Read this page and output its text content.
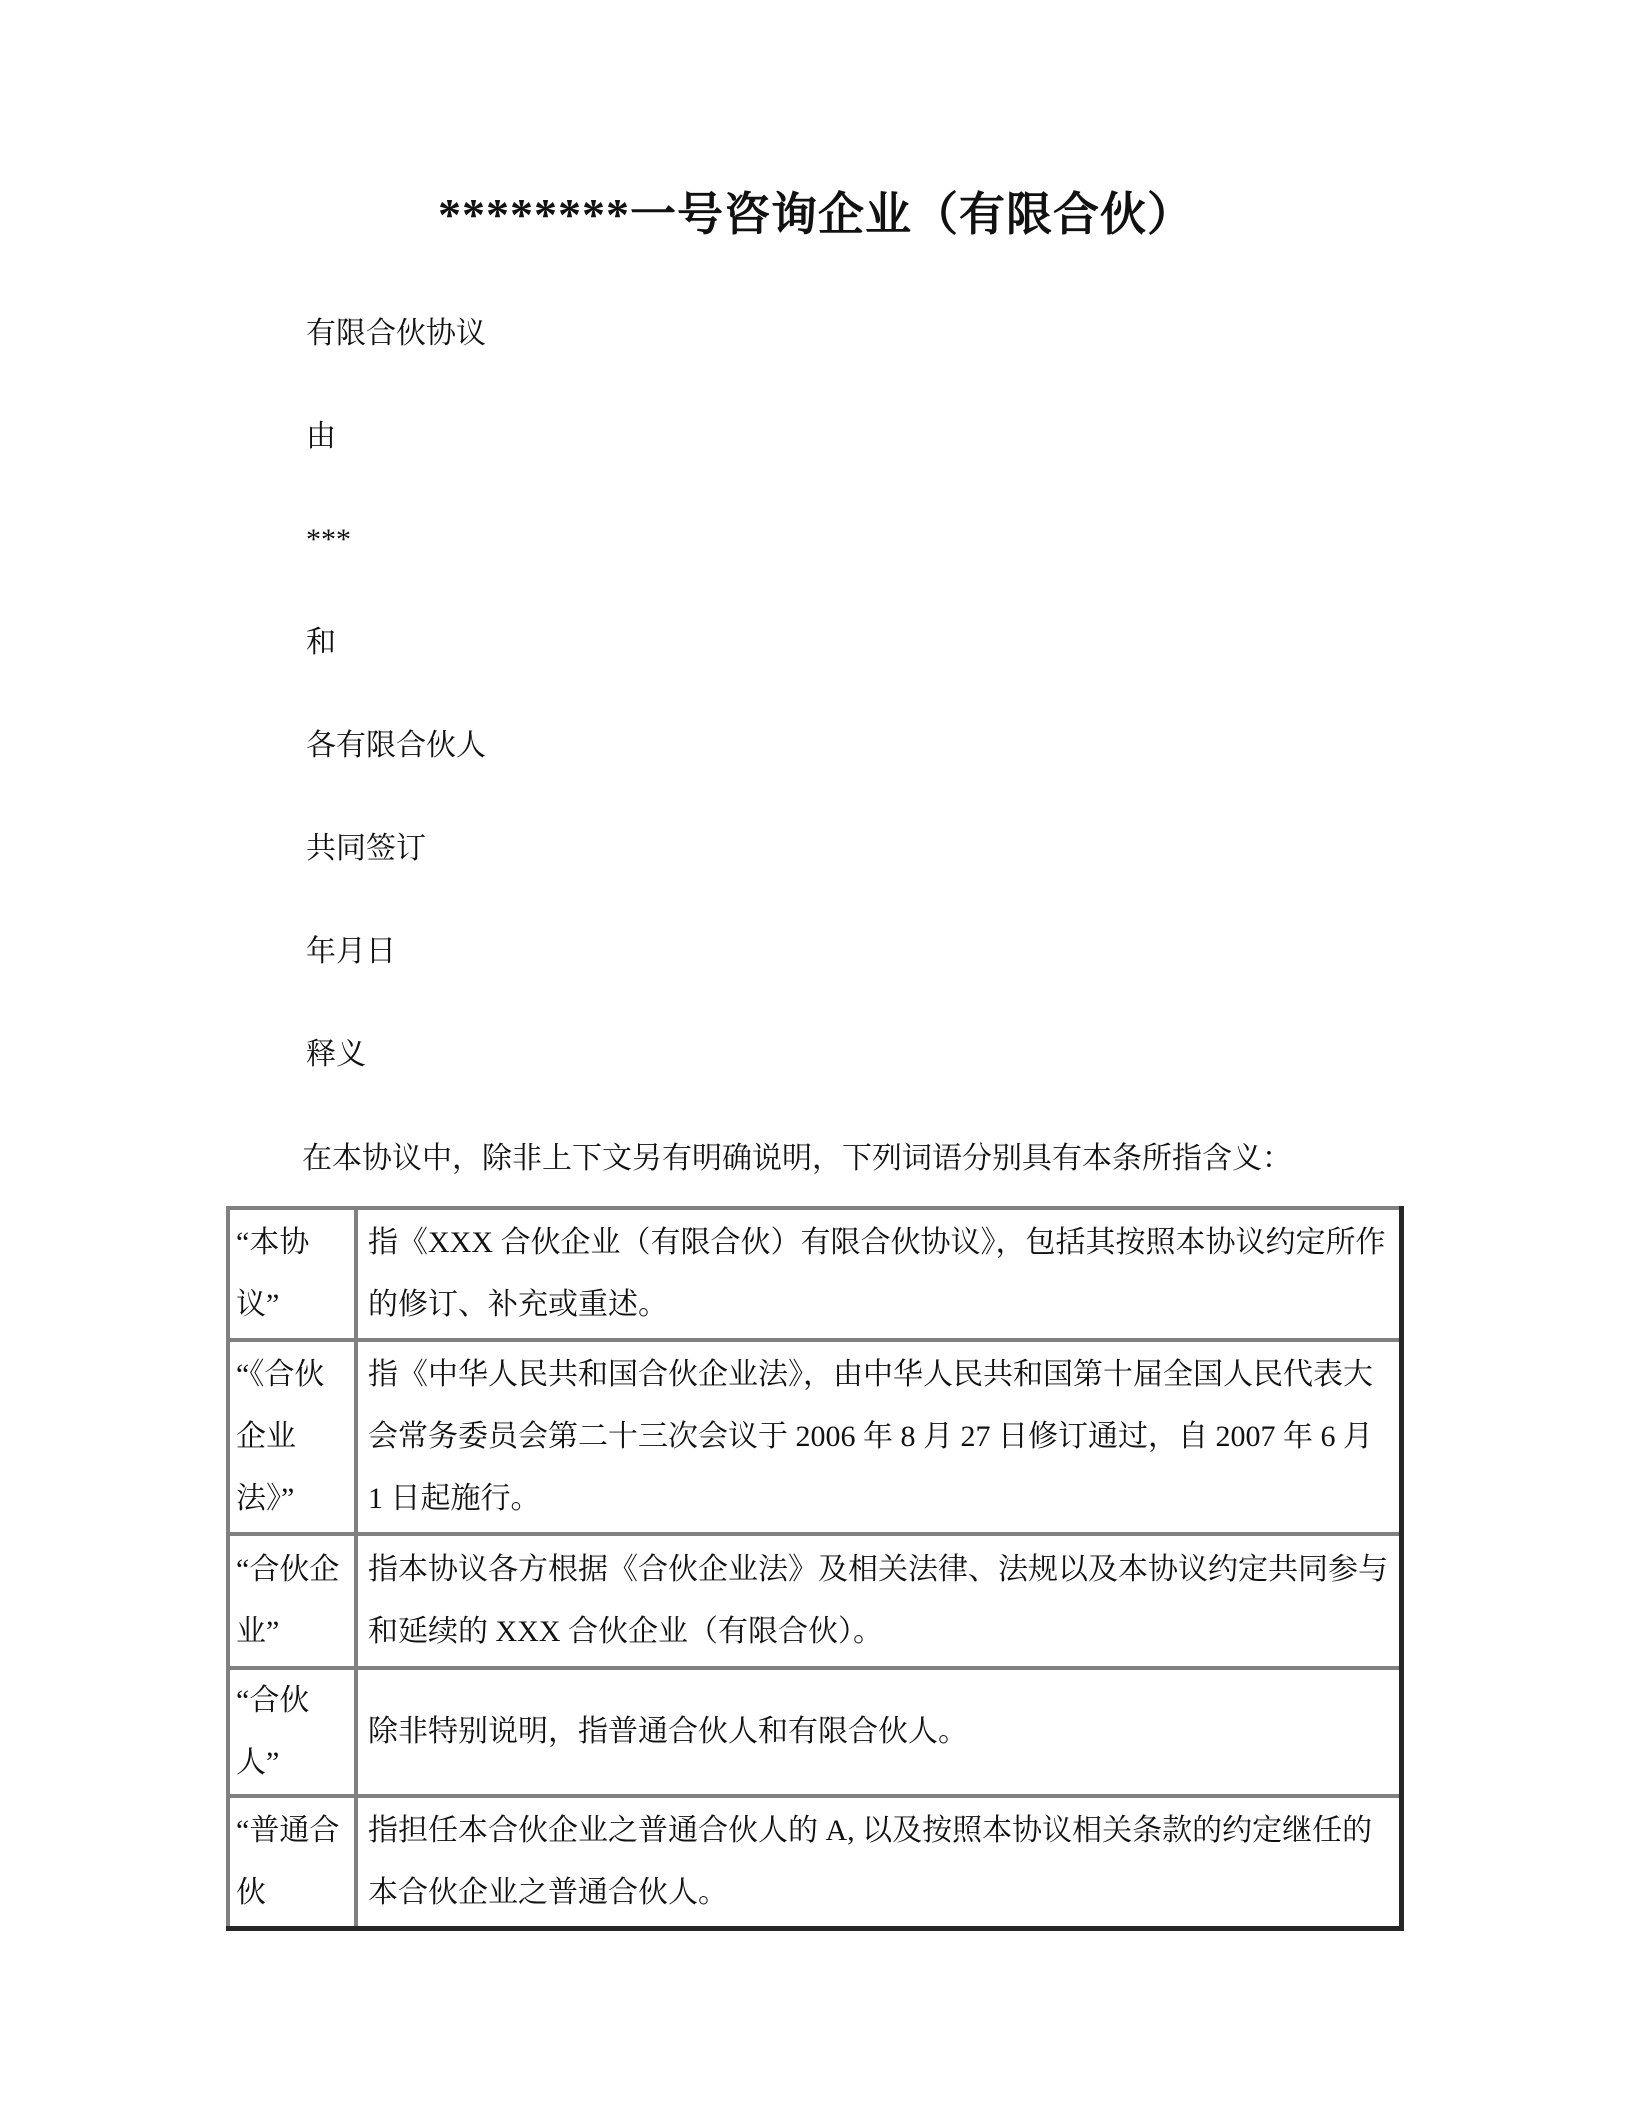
********一号咨询企业（有限合伙）

有限合伙协议

由

***

和

各有限合伙人

共同签订

年月日

释义

在本协议中，除非上下文另有明确说明，下列词语分别具有本条所指含义：

“本协议”	指《XXX 合伙企业（有限合伙）有限合伙协议》，包括其按照本协议约定所作的修订、补充或重述。
“《合伙企业法》”	指《中华人民共和国合伙企业法》，由中华人民共和国第十届全国人民代表大会常务委员会第二十三次会议于 2006 年 8 月 27 日修订通过，自 2007 年 6 月 1 日起施行。
“合伙企业”	指本协议各方根据《合伙企业法》及相关法律、法规以及本协议约定共同参与和延续的 XXX 合伙企业（有限合伙）。
“合伙人”	除非特别说明，指普通合伙人和有限合伙人。
“普通合伙	指担任本合伙企业之普通合伙人的 A, 以及按照本协议相关条款的约定继任的本合伙企业之普通合伙人。
